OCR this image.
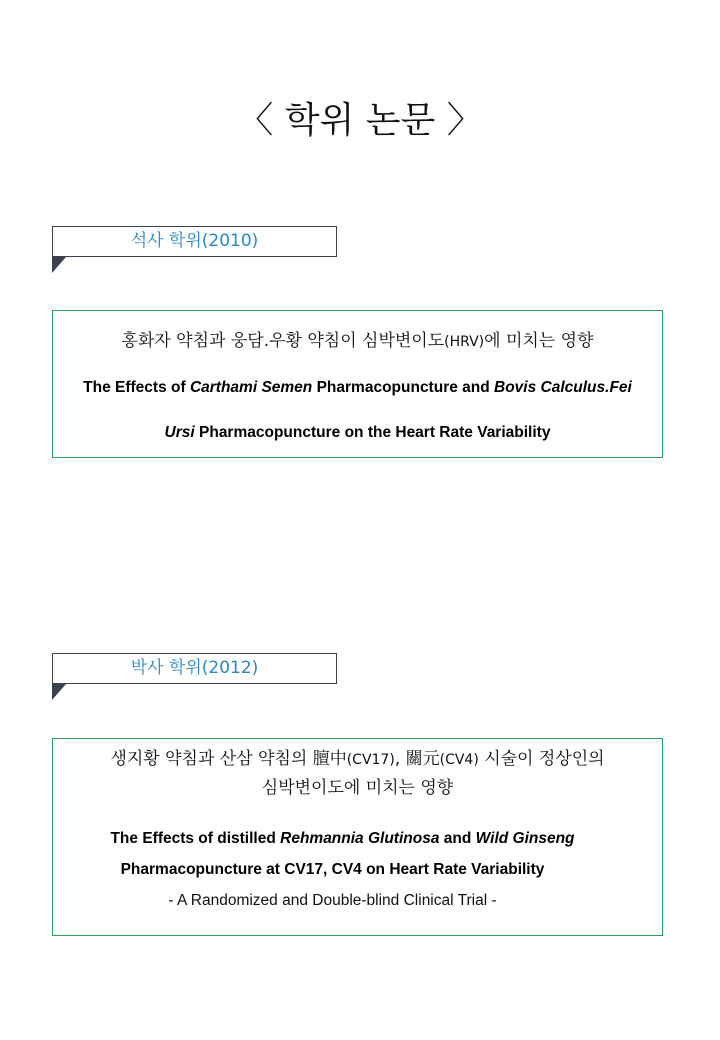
〈 학위 논문 〉
석사 학위(2010)
홍화자 약침과 웅담.우황 약침이 심박변이도(HRV)에 미치는 영향
The Effects of Carthami Semen Pharmacopuncture and Bovis Calculus.Fei
Ursi Pharmacopuncture on the Heart Rate Variability
박사 학위(2012)
생지황 약침과 산삼 약침의 膻中(CV17), 關元(CV4) 시술이 정상인의
심박변이도에 미치는 영향
The Effects of distilled Rehmannia Glutinosa and Wild Ginseng
Pharmacopuncture at CV17, CV4 on Heart Rate Variability
- A Randomized and Double-blind Clinical Trial -
